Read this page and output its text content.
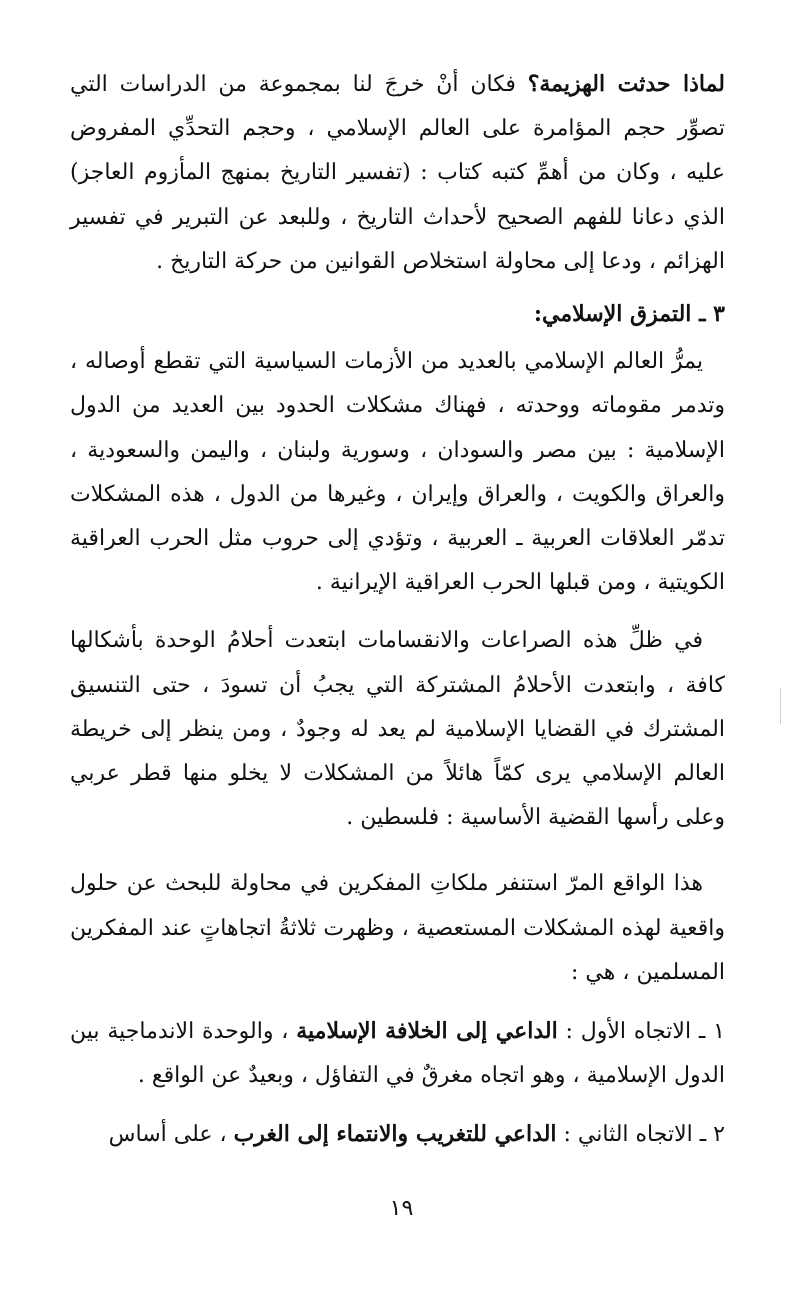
لماذا حدثت الهزيمة؟ فكان أنْ خرجَ لنا بمجموعة من الدراسات التي تصوِّر حجم المؤامرة على العالم الإسلامي ، وحجم التحدِّي المفروض عليه ، وكان من أهمِّ كتبه كتاب : (تفسير التاريخ بمنهج المأزوم العاجز) الذي دعانا للفهم الصحيح لأحداث التاريخ ، وللبعد عن التبرير في تفسير الهزائم ، ودعا إلى محاولة استخلاص القوانين من حركة التاريخ .

٣ ـ التمزق الإسلامي:

يمرُّ العالم الإسلامي بالعديد من الأزمات السياسية التي تقطع أوصاله ، وتدمر مقوماته ووحدته ، فهناك مشكلات الحدود بين العديد من الدول الإسلامية : بين مصر والسودان ، وسورية ولبنان ، واليمن والسعودية ، والعراق والكويت ، والعراق وإيران ، وغيرها من الدول ، هذه المشكلات تدمّر العلاقات العربية ـ العربية ، وتؤدي إلى حروب مثل الحرب العراقية الكويتية ، ومن قبلها الحرب العراقية الإيرانية .

في ظلِّ هذه الصراعات والانقسامات ابتعدت أحلامُ الوحدة بأشكالها كافة ، وابتعدت الأحلامُ المشتركة التي يجبُ أن تسودَ ، حتى التنسيق المشترك في القضايا الإسلامية لم يعد له وجودٌ ، ومن ينظر إلى خريطة العالم الإسلامي يرى كمّاً هائلاً من المشكلات لا يخلو منها قطر عربي وعلى رأسها القضية الأساسية : فلسطين .

هذا الواقع المرّ استنفر ملكاتِ المفكرين في محاولة للبحث عن حلول واقعية لهذه المشكلات المستعصية ، وظهرت ثلاثةُ اتجاهاتٍ عند المفكرين المسلمين ، هي :

١ ـ الاتجاه الأول : الداعي إلى الخلافة الإسلامية ، والوحدة الاندماجية بين الدول الإسلامية ، وهو اتجاه مغرقٌ في التفاؤل ، وبعيدٌ عن الواقع .

٢ ـ الاتجاه الثاني : الداعي للتغريب والانتماء إلى الغرب ، على أساس

١٩
